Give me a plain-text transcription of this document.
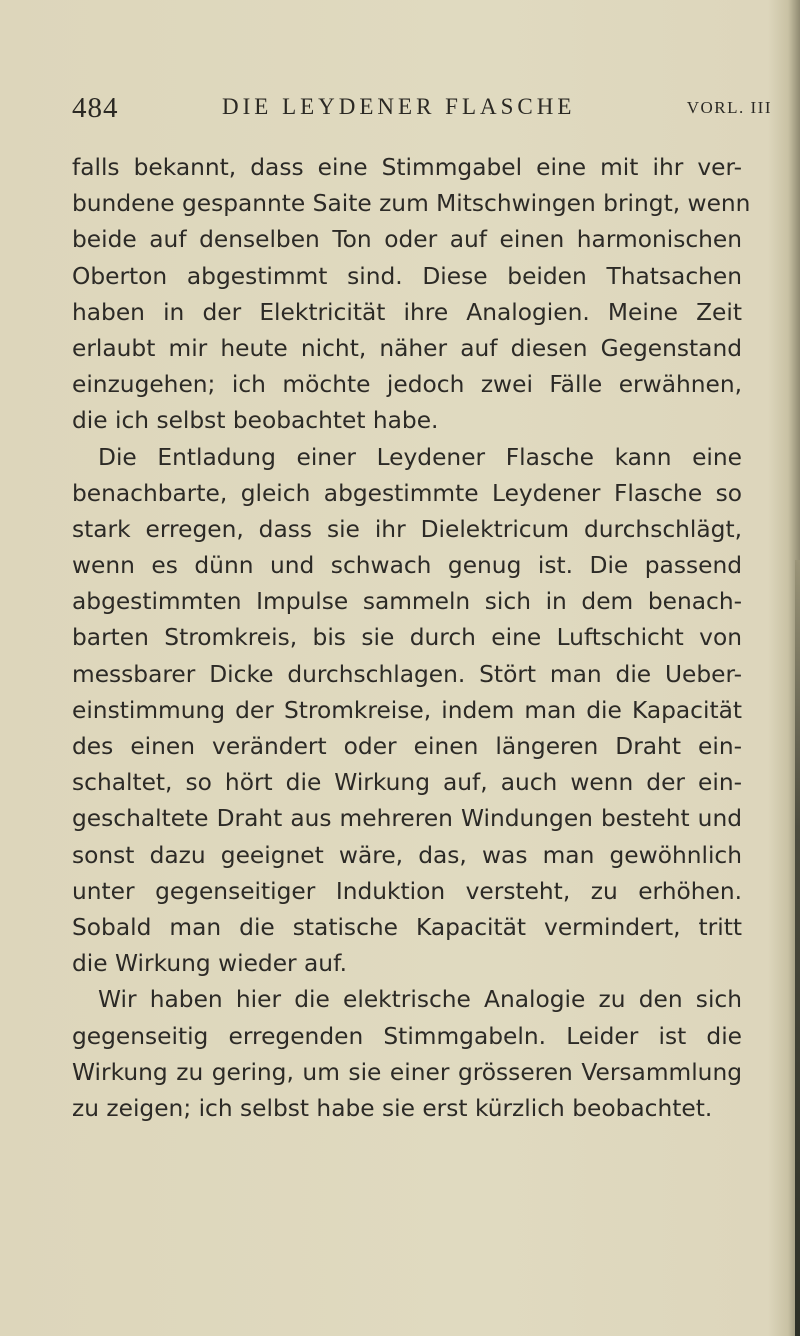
484	DIE LEYDENER FLASCHE	VORL. III
falls bekannt, dass eine Stimmgabel eine mit ihr ver-
bundene gespannte Saite zum Mitschwingen bringt, wenn
beide auf denselben Ton oder auf einen harmonischen
Oberton abgestimmt sind. Diese beiden Thatsachen
haben in der Elektricität ihre Analogien. Meine Zeit
erlaubt mir heute nicht, näher auf diesen Gegenstand
einzugehen; ich möchte jedoch zwei Fälle erwähnen,
die ich selbst beobachtet habe.
Die Entladung einer Leydener Flasche kann eine
benachbarte, gleich abgestimmte Leydener Flasche so
stark erregen, dass sie ihr Dielektricum durchschlägt,
wenn es dünn und schwach genug ist. Die passend
abgestimmten Impulse sammeln sich in dem benach-
barten Stromkreis, bis sie durch eine Luftschicht von
messbarer Dicke durchschlagen. Stört man die Ueber-
einstimmung der Stromkreise, indem man die Kapacität
des einen verändert oder einen längeren Draht ein-
schaltet, so hört die Wirkung auf, auch wenn der ein-
geschaltete Draht aus mehreren Windungen besteht und
sonst dazu geeignet wäre, das, was man gewöhnlich
unter gegenseitiger Induktion versteht, zu erhöhen.
Sobald man die statische Kapacität vermindert, tritt
die Wirkung wieder auf.
Wir haben hier die elektrische Analogie zu den sich
gegenseitig erregenden Stimmgabeln. Leider ist die
Wirkung zu gering, um sie einer grösseren Versammlung
zu zeigen; ich selbst habe sie erst kürzlich beobachtet.
